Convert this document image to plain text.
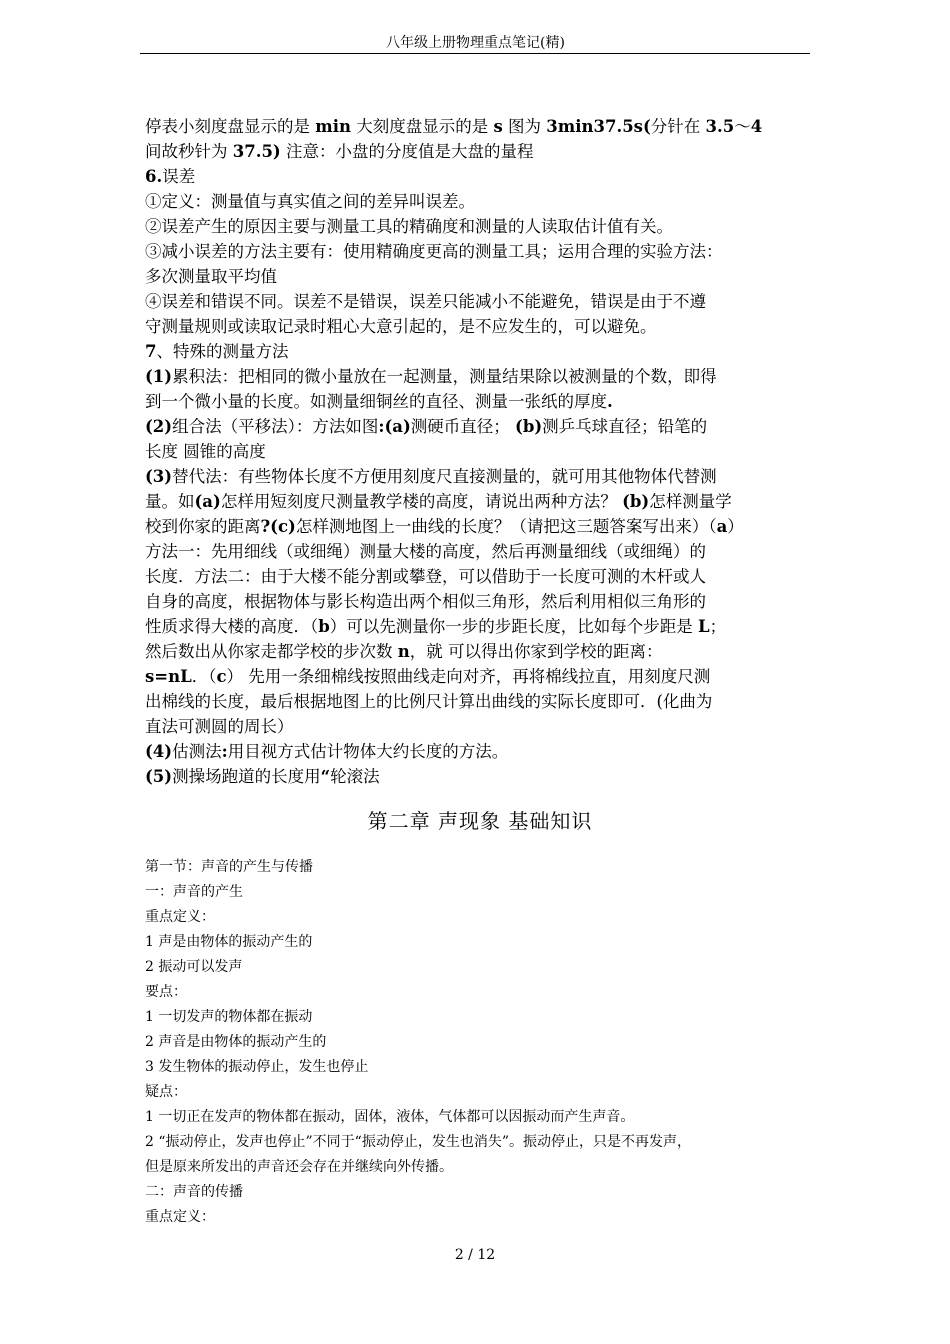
八年级上册物理重点笔记(精)

停表小刻度盘显示的是 min 大刻度盘显示的是 s 图为 3min37.5s(分针在 3.5～4

间故秒针为 37.5) 注意：小盘的分度值是大盘的量程

6.误差

①定义：测量值与真实值之间的差异叫误差。

②误差产生的原因主要与测量工具的精确度和测量的人读取估计值有关。

③减小误差的方法主要有：使用精确度更高的测量工具；运用合理的实验方法：

多次测量取平均值

④误差和错误不同。误差不是错误，误差只能减小不能避免，错误是由于不遵

守测量规则或读取记录时粗心大意引起的，是不应发生的，可以避免。

7、特殊的测量方法

(1)累积法：把相同的微小量放在一起测量，测量结果除以被测量的个数，即得

到一个微小量的长度。如测量细铜丝的直径、测量一张纸的厚度.

(2)组合法（平移法）：方法如图:(a)测硬币直径； (b)测乒乓球直径；铅笔的

长度 圆锥的高度

(3)替代法：有些物体长度不方便用刻度尺直接测量的，就可用其他物体代替测

量。如(a)怎样用短刻度尺测量教学楼的高度，请说出两种方法？ (b)怎样测量学

校到你家的距离?(c)怎样测地图上一曲线的长度？（请把这三题答案写出来）（a）

方法一：先用细线（或细绳）测量大楼的高度，然后再测量细线（或细绳）的

长度．方法二：由于大楼不能分割或攀登，可以借助于一长度可测的木杆或人

自身的高度，根据物体与影长构造出两个相似三角形，然后利用相似三角形的

性质求得大楼的高度．（b）可以先测量你一步的步距长度，比如每个步距是 L；

然后数出从你家走都学校的步次数 n，就 可以得出你家到学校的距离：

s=nL．（c） 先用一条细棉线按照曲线走向对齐，再将棉线拉直，用刻度尺测

出棉线的长度，最后根据地图上的比例尺计算出曲线的实际长度即可．(化曲为

直法可测圆的周长）

(4)估测法:用目视方式估计物体大约长度的方法。

(5)测操场跑道的长度用“轮滚法

第二章 声现象 基础知识

第一节：声音的产生与传播

一：声音的产生

重点定义：

1 声是由物体的振动产生的

2 振动可以发声

要点：

1 一切发声的物体都在振动

2 声音是由物体的振动产生的

3 发生物体的振动停止，发生也停止

疑点：

1 一切正在发声的物体都在振动，固体，液体，气体都可以因振动而产生声音。

2 “振动停止，发声也停止”不同于“振动停止，发生也消失”。振动停止，只是不再发声，

但是原来所发出的声音还会存在并继续向外传播。

二：声音的传播

重点定义：

2 / 12
